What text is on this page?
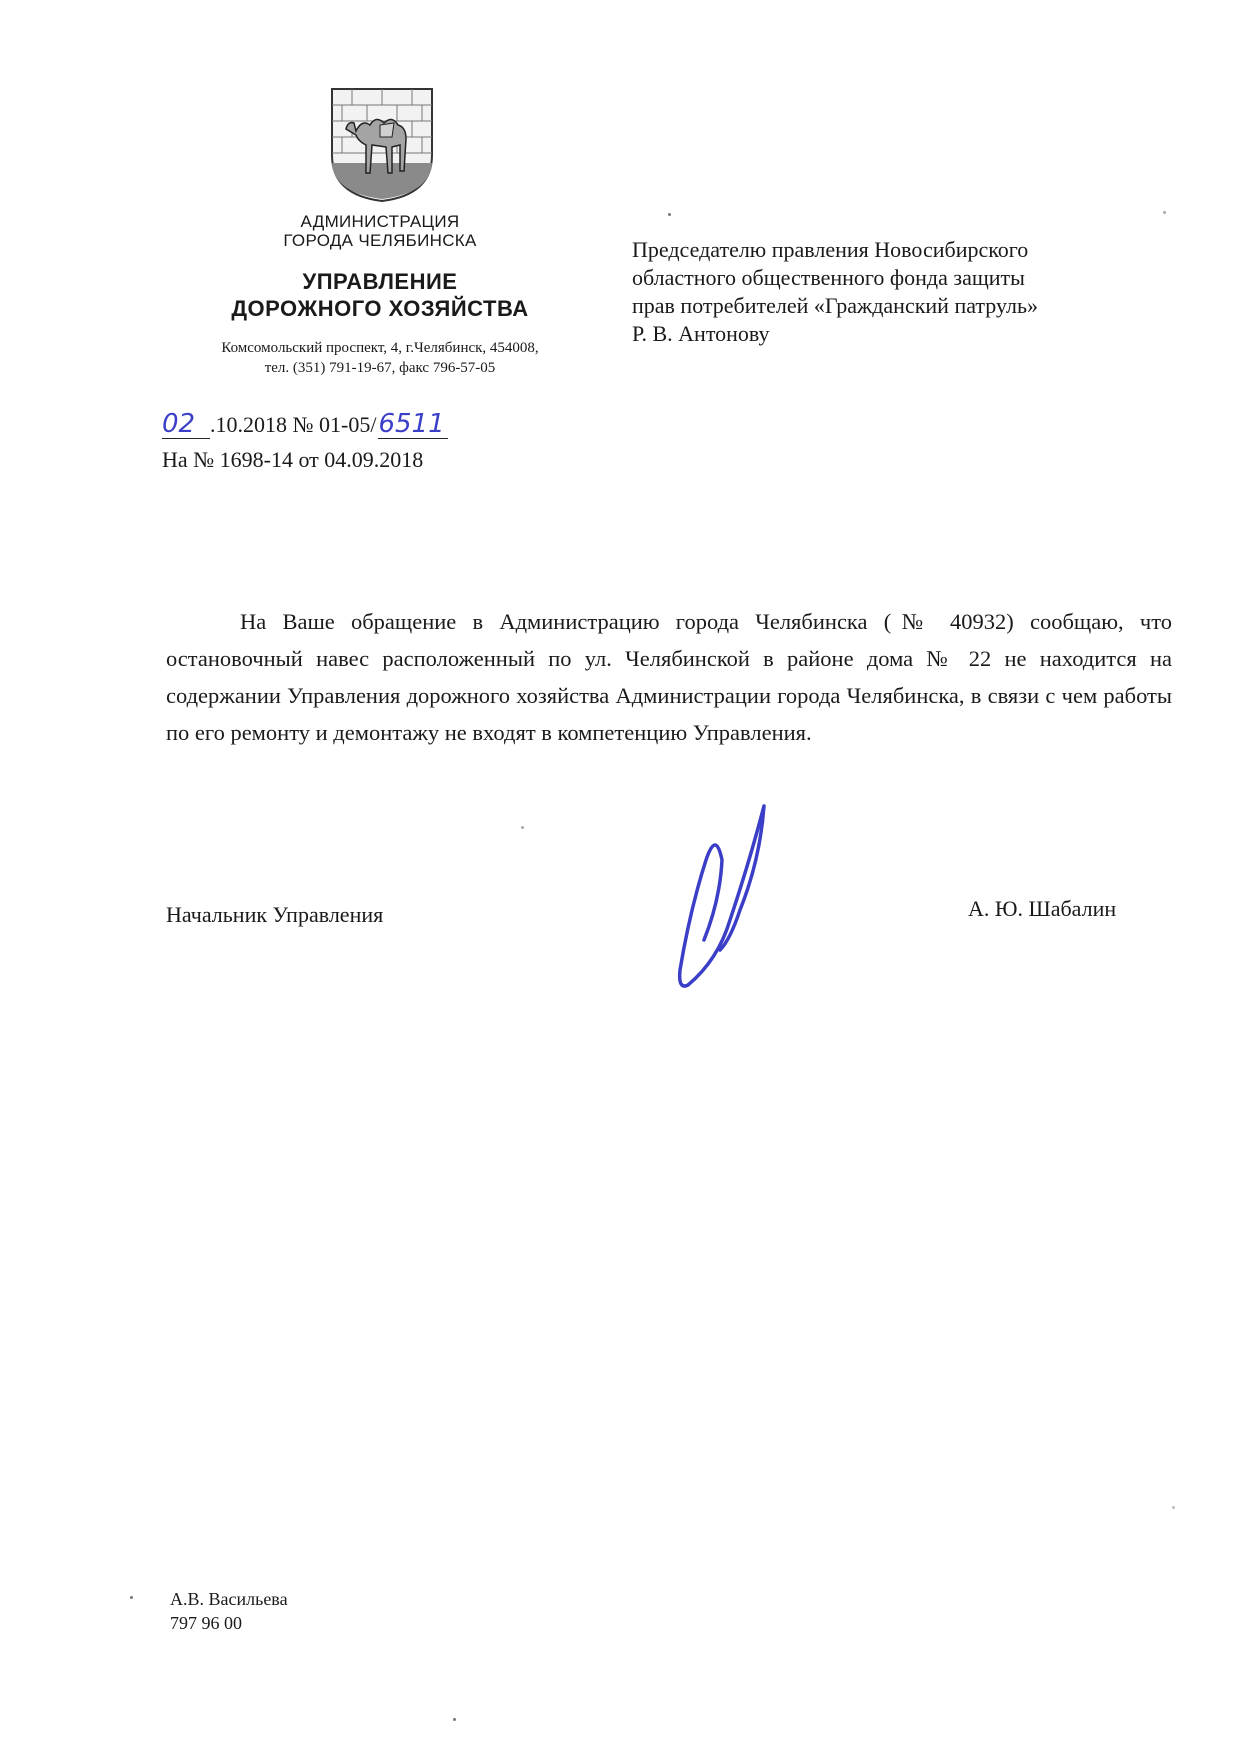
АДМИНИСТРАЦИЯ
ГОРОДА ЧЕЛЯБИНСКА
УПРАВЛЕНИЕ
ДОРОЖНОГО ХОЗЯЙСТВА
Комсомольский проспект, 4, г.Челябинск, 454008,
тел. (351) 791-19-67, факс 796-57-05
02 .10.2018 № 01-05/6511
На № 1698-14 от 04.09.2018
Председателю правления Новосибирского
областного общественного фонда защиты
прав потребителей «Гражданский патруль»
Р. В. Антонову
На Ваше обращение в Администрацию города Челябинска (№ 40932) сообщаю, что остановочный навес расположенный по ул. Челябинской в районе дома № 22 не находится на содержании Управления дорожного хозяйства Администрации города Челябинска, в связи с чем работы по его ремонту и демонтажу не входят в компетенцию Управления.
Начальник Управления	А. Ю. Шабалин
А.В. Васильева
797 96 00
